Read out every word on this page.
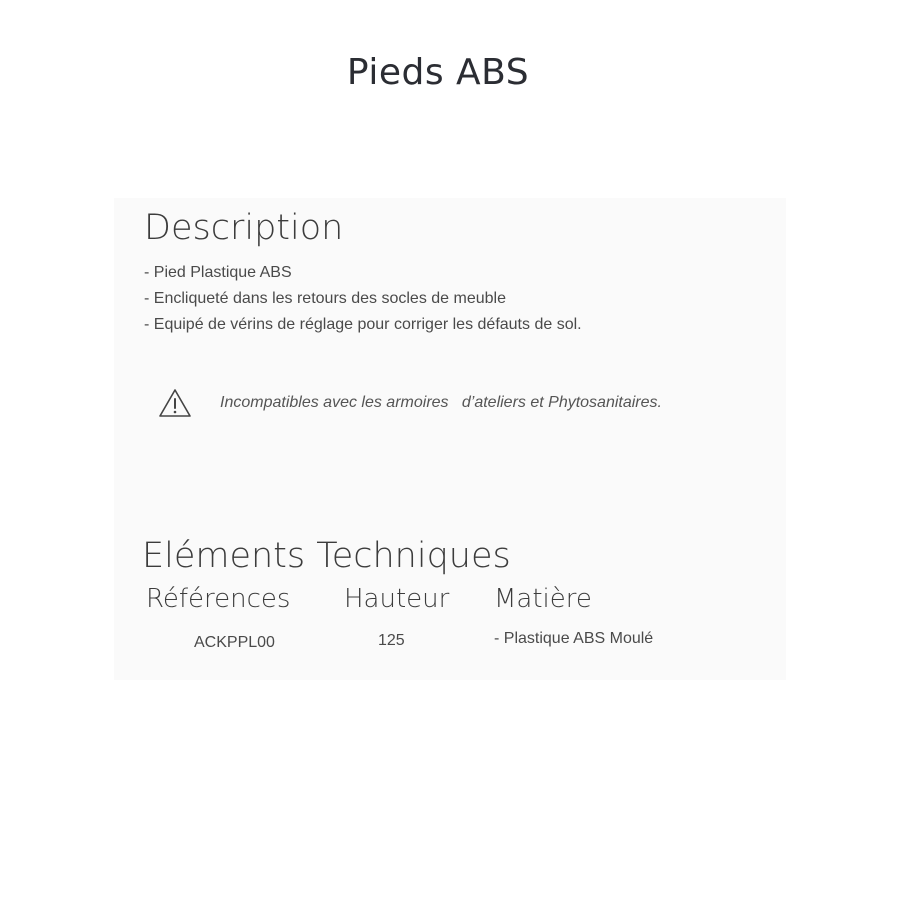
Pieds ABS
Description
- Pied Plastique ABS
- Encliqueté dans les retours des socles de meuble
- Equipé de vérins de réglage pour corriger les défauts de sol.
Incompatibles avec les armoires   d’ateliers et Phytosanitaires.
Eléments Techniques
Références
ACKPPL00
Hauteur
125
Matière
- Plastique ABS Moulé
